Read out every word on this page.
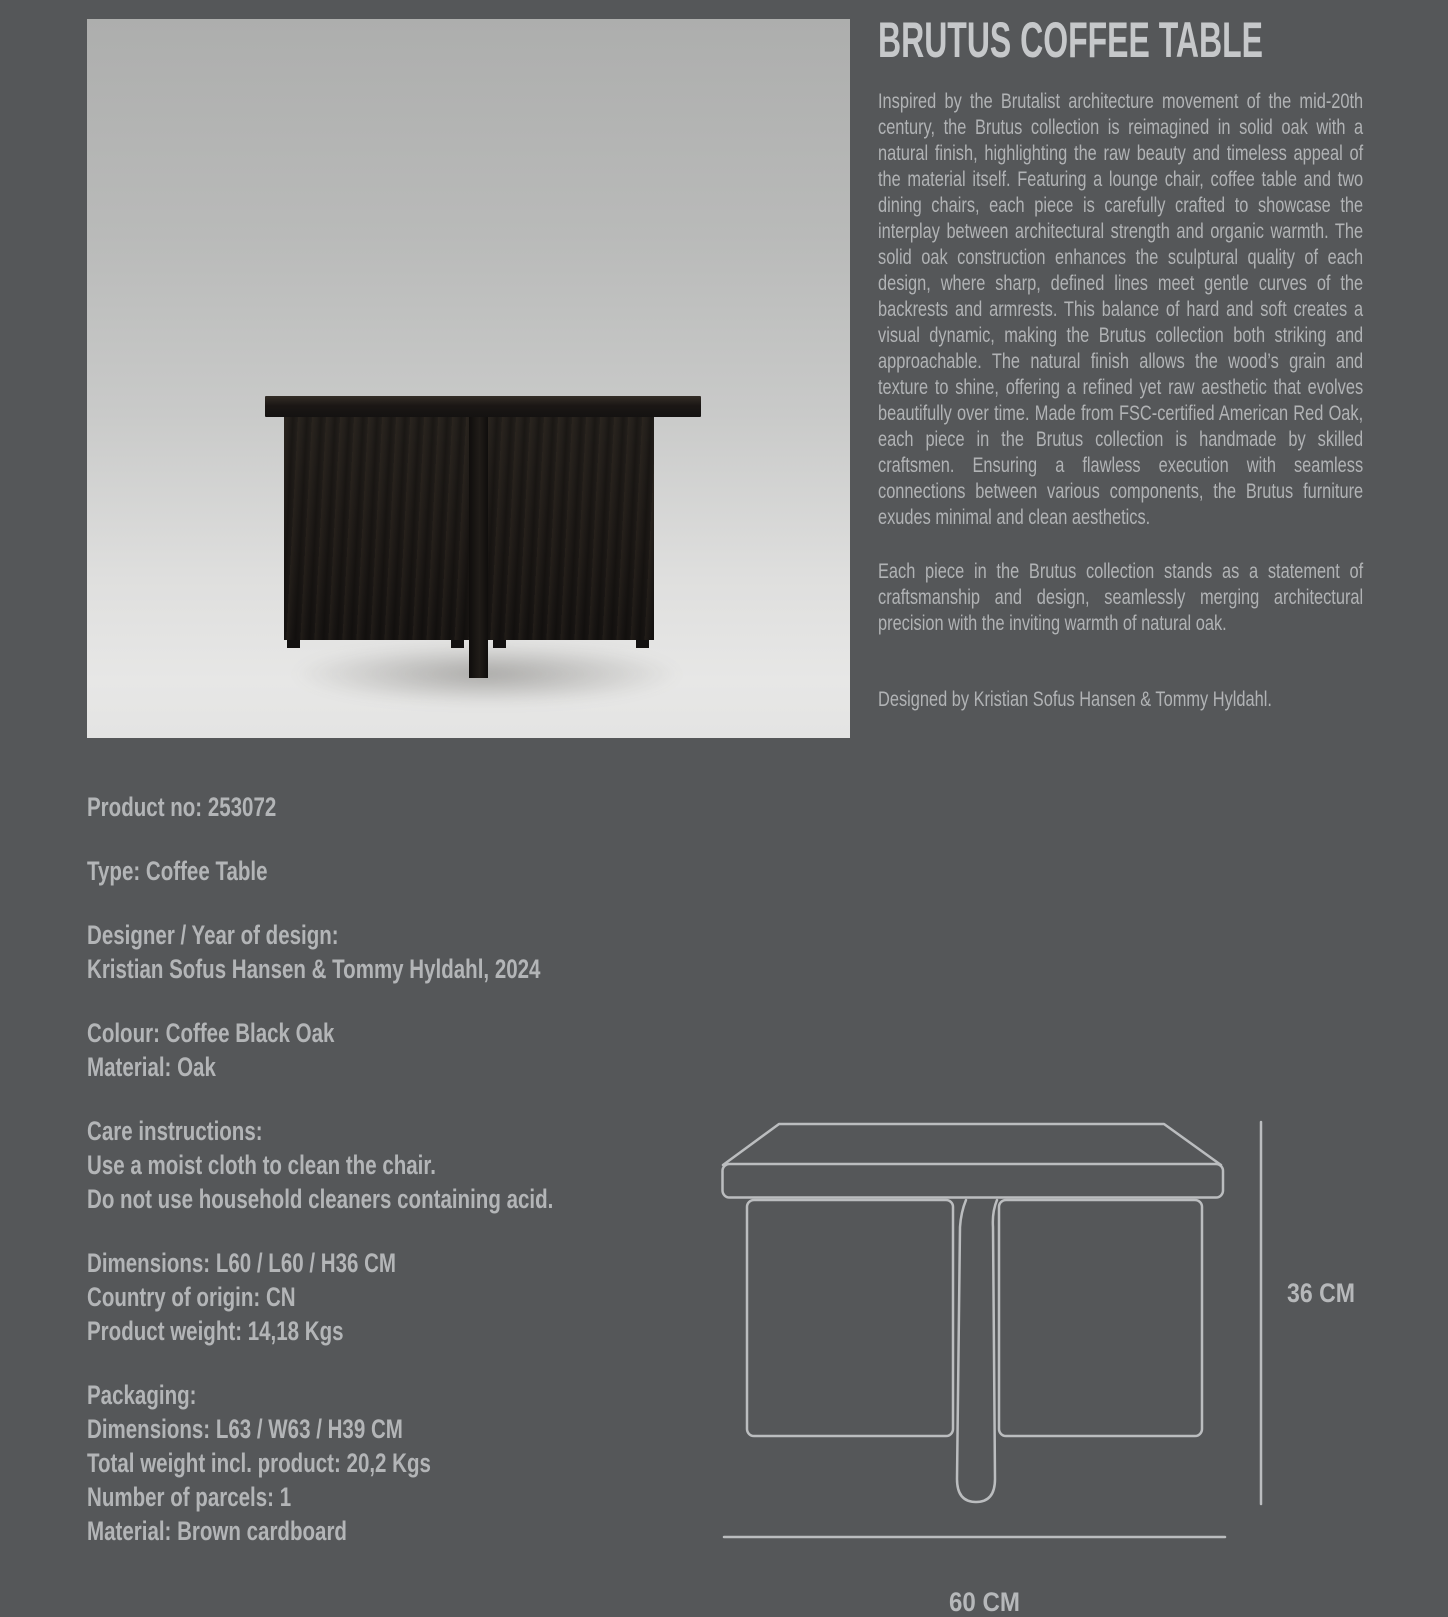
BRUTUS COFFEE TABLE

Inspired by the Brutalist architecture movement of the mid-20th century, the Brutus collection is reimagined in solid oak with a natural finish, highlighting the raw beauty and timeless appeal of the material itself. Featuring a lounge chair, coffee table and two dining chairs, each piece is carefully crafted to showcase the interplay between architectural strength and organic warmth. The solid oak construction enhances the sculptural quality of each design, where sharp, defined lines meet gentle curves of the backrests and armrests. This balance of hard and soft creates a visual dynamic, making the Brutus collection both striking and approachable. The natural finish allows the wood’s grain and texture to shine, offering a refined yet raw aesthetic that evolves beautifully over time. Made from FSC-certified American Red Oak, each piece in the Brutus collection is handmade by skilled craftsmen. Ensuring a flawless execution with seamless connections between various components, the Brutus furniture exudes minimal and clean aesthetics.

Each piece in the Brutus collection stands as a statement of craftsmanship and design, seamlessly merging architectural precision with the inviting warmth of natural oak.

Designed by Kristian Sofus Hansen & Tommy Hyldahl.
Product no: 253072
Type: Coffee Table
Designer / Year of design:
Kristian Sofus Hansen & Tommy Hyldahl, 2024
Colour: Coffee Black Oak
Material: Oak
Care instructions:
Use a moist cloth to clean the chair.
Do not use household cleaners containing acid.
Dimensions: L60 / L60 / H36 CM
Country of origin: CN
Product weight: 14,18 Kgs
Packaging:
Dimensions: L63 / W63 / H39 CM
Total weight incl. product: 20,2 Kgs
Number of parcels: 1
Material: Brown cardboard
36 CM
60 CM
